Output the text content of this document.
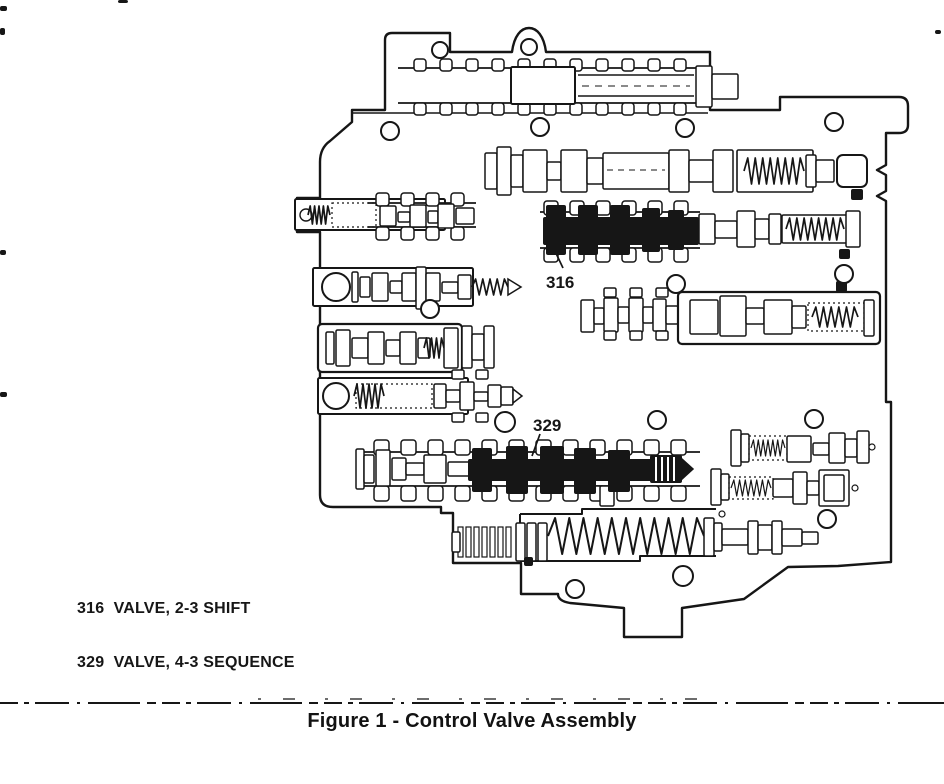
316
329

316  VALVE, 2-3 SHIFT

329  VALVE, 4-3 SEQUENCE

Figure 1 - Control Valve Assembly
